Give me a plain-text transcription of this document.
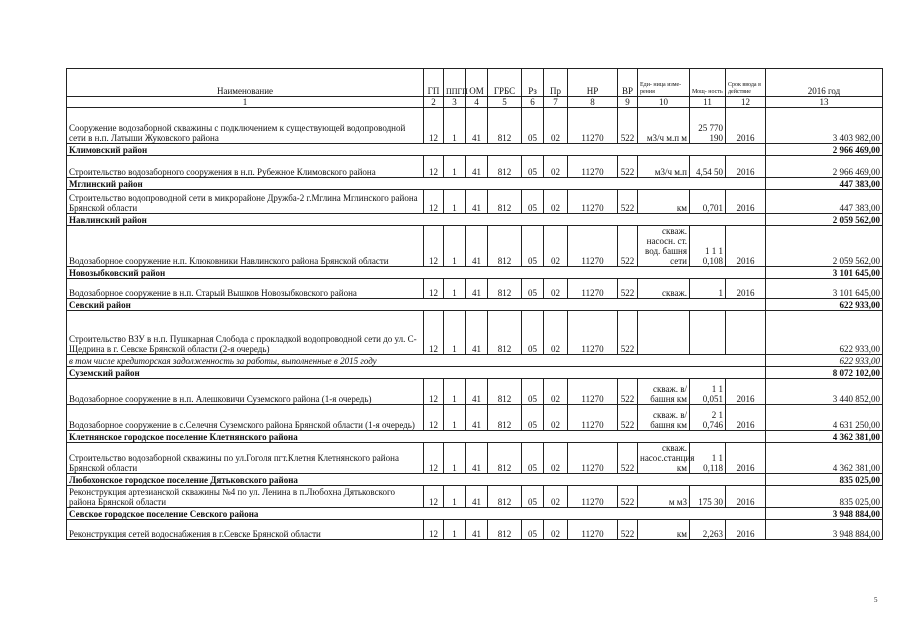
Наименование	ГП	ППГП	ОМ	ГРБС	Рз	Пр	НР	ВР	Еди- ница изме- рения	Мощ- ность	Срок ввода в действие	2016 год
1	2	3	4	5	6	7	8	9	10	11	12	13
Сооружение водозаборной скважины с подключением к существующей водопроводной сети в н.п. Латыши Жуковского района	12	1	41	812	05	02	11270	522	м3/ч м.п м	25 770 190	2016	3 403 982,00
Климовский район												2 966 469,00
Строительство водозаборного сооружения в н.п. Рубежное Климовского района	12	1	41	812	05	02	11270	522	м3/ч м.п	4,54 50	2016	2 966 469,00
Мглинский район												447 383,00
Строительство водопроводной сети в микрорайоне Дружба-2 г.Мглина Мглинского района Брянской области	12	1	41	812	05	02	11270	522	км	0,701	2016	447 383,00
Навлинский район												2 059 562,00
Водозаборное сооружение н.п. Клюковники Навлинского района Брянской области	12	1	41	812	05	02	11270	522	скваж. насосн. ст. вод. башня сети	1 1 1 0,108	2016	2 059 562,00
Новозыбковский район												3 101 645,00
Водозаборное сооружение в н.п. Старый Вышков Новозыбковского района	12	1	41	812	05	02	11270	522	скваж.	1	2016	3 101 645,00
Севский район												622 933,00
Строительство ВЗУ в н.п. Пушкарная Слобода с прокладкой водопроводной сети до ул. С-Щедрина в г. Севске Брянской области (2-я очередь)	12	1	41	812	05	02	11270	522				622 933,00
в том числе кредиторская задолженность за работы, выполненные в 2015 году												622 933,00
Суземский район												8 072 102,00
Водозаборное сооружение в н.п. Алешковичи Суземского района (1-я очередь)	12	1	41	812	05	02	11270	522	скваж. в/башня км	1 1 0,051	2016	3 440 852,00
Водозаборное сооружение в с.Селечня Суземского района Брянской области (1-я очередь)	12	1	41	812	05	02	11270	522	скваж. в/башня км	2 1 0,746	2016	4 631 250,00
Клетнянское городское поселение Клетнянского района												4 362 381,00
Строительство водозаборной скважины по ул.Гоголя пгт.Клетня Клетнянского района Брянской области	12	1	41	812	05	02	11270	522	скваж. насос.станция км	1 1 0,118	2016	4 362 381,00
Любохонское городское поселение Дятьковского района												835 025,00
Реконструкция артезианской скважины №4 по ул. Ленина в п.Любохна Дятьковского района Брянской области	12	1	41	812	05	02	11270	522	м м3	175 30	2016	835 025,00
Севское городское поселение Севского района												3 948 884,00
Реконструкция сетей водоснабжения в г.Севске Брянской области	12	1	41	812	05	02	11270	522	км	2,263	2016	3 948 884,00
5
